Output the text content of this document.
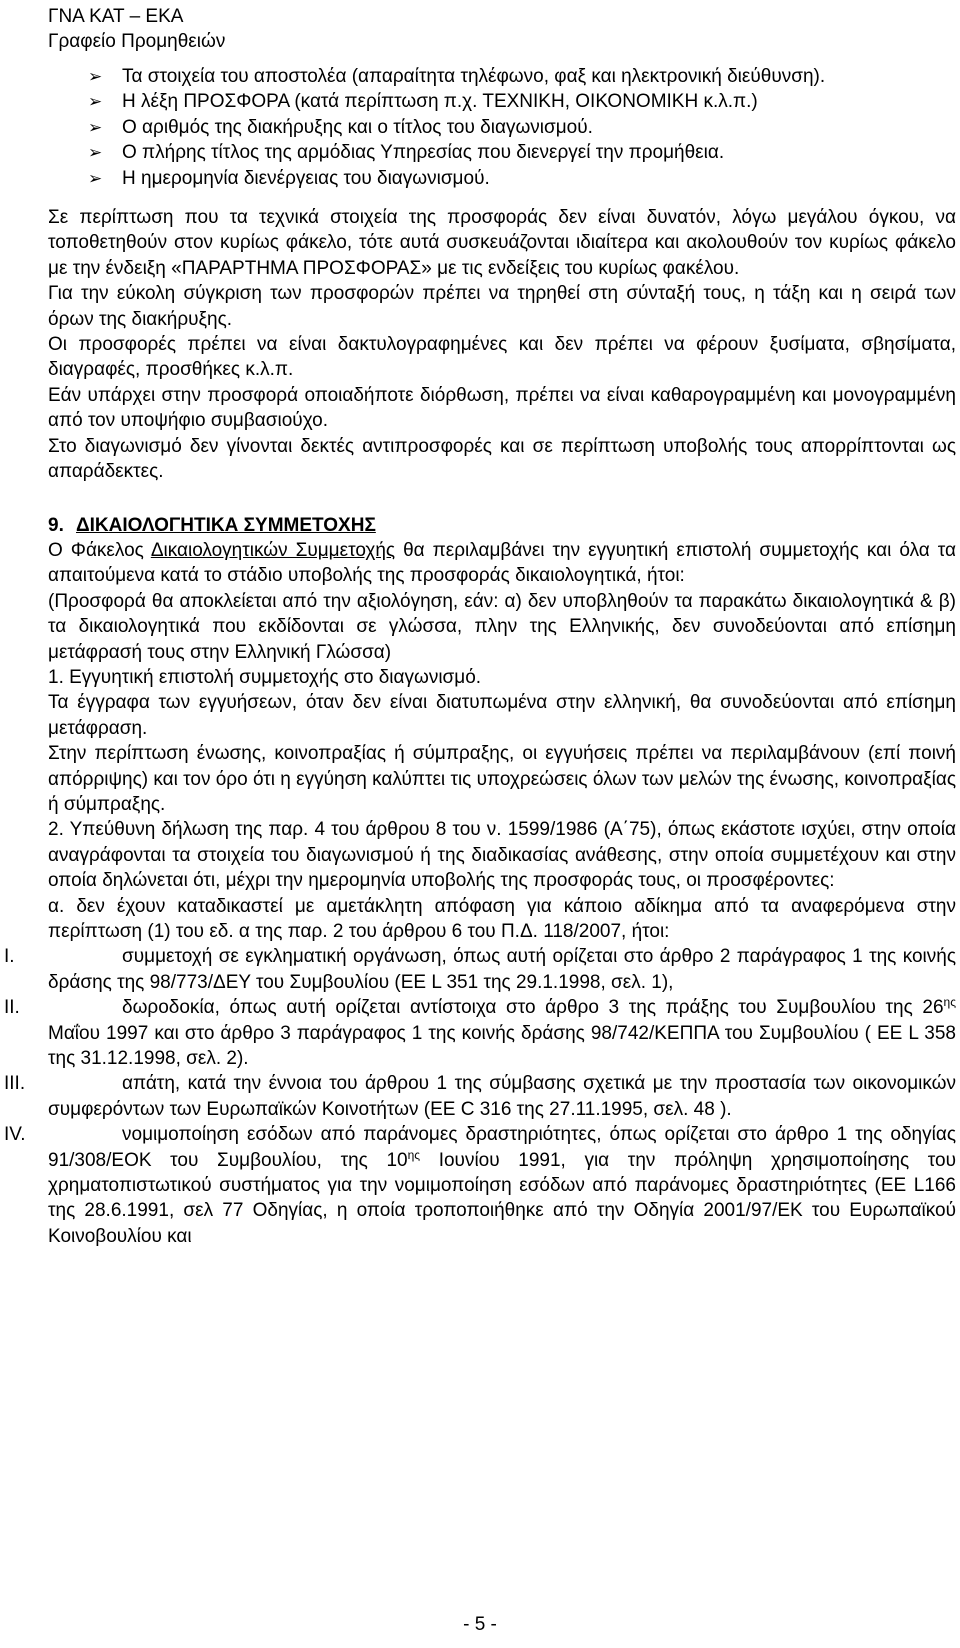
ΓΝΑ ΚΑΤ – ΕΚΑ
Γραφείο Προμηθειών
➢ Τα στοιχεία του αποστολέα (απαραίτητα τηλέφωνο, φαξ και ηλεκτρονική διεύθυνση).
➢ Η λέξη ΠΡΟΣΦΟΡΑ (κατά περίπτωση π.χ. ΤΕΧΝΙΚΗ, ΟΙΚΟΝΟΜΙΚΗ κ.λ.π.)
➢ Ο αριθμός της διακήρυξης και ο τίτλος του διαγωνισμού.
➢ Ο πλήρης τίτλος της αρμόδιας Υπηρεσίας που διενεργεί την προμήθεια.
➢ Η ημερομηνία διενέργειας του διαγωνισμού.

Σε περίπτωση που τα τεχνικά στοιχεία της προσφοράς δεν είναι δυνατόν, λόγω μεγάλου όγκου, να τοποθετηθούν στον κυρίως φάκελο, τότε αυτά συσκευάζονται ιδιαίτερα και ακολουθούν τον κυρίως φάκελο με την ένδειξη «ΠΑΡΑΡΤΗΜΑ ΠΡΟΣΦΟΡΑΣ» με τις ενδείξεις του κυρίως φακέλου.

Για την εύκολη σύγκριση των προσφορών πρέπει να τηρηθεί στη σύνταξή τους, η τάξη και η σειρά των όρων της διακήρυξης.

Οι προσφορές πρέπει να είναι δακτυλογραφημένες και δεν πρέπει να φέρουν ξυσίματα, σβησίματα, διαγραφές, προσθήκες κ.λ.π.

Εάν υπάρχει στην προσφορά οποιαδήποτε διόρθωση, πρέπει να είναι καθαρογραμμένη και μονογραμμένη από τον υποψήφιο συμβασιούχο.

Στο διαγωνισμό δεν γίνονται δεκτές αντιπροσφορές και σε περίπτωση υποβολής τους απορρίπτονται ως απαράδεκτες.

9. ΔΙΚΑΙΟΛΟΓΗΤΙΚΑ ΣΥΜΜΕΤΟΧΗΣ

Ο Φάκελος Δικαιολογητικών Συμμετοχής θα περιλαμβάνει την εγγυητική επιστολή συμμετοχής και όλα τα απαιτούμενα κατά το στάδιο υποβολής της προσφοράς δικαιολογητικά, ήτοι:

(Προσφορά θα αποκλείεται από την αξιολόγηση, εάν: α) δεν υποβληθούν τα παρακάτω δικαιολογητικά & β) τα δικαιολογητικά που εκδίδονται σε γλώσσα, πλην της Ελληνικής, δεν συνοδεύονται από επίσημη μετάφρασή τους στην Ελληνική Γλώσσα)

1. Εγγυητική επιστολή συμμετοχής στο διαγωνισμό.

Τα έγγραφα των εγγυήσεων, όταν δεν είναι διατυπωμένα στην ελληνική, θα συνοδεύονται από επίσημη μετάφραση.

Στην περίπτωση ένωσης, κοινοπραξίας ή σύμπραξης, οι εγγυήσεις πρέπει να περιλαμβάνουν (επί ποινή απόρριψης) και τον όρο ότι η εγγύηση καλύπτει τις υποχρεώσεις όλων των μελών της ένωσης, κοινοπραξίας ή σύμπραξης.

2. Υπεύθυνη δήλωση της παρ. 4 του άρθρου 8 του ν. 1599/1986 (Α΄75), όπως εκάστοτε ισχύει, στην οποία αναγράφονται τα στοιχεία του διαγωνισμού ή της διαδικασίας ανάθεσης, στην οποία συμμετέχουν και στην οποία δηλώνεται ότι, μέχρι την ημερομηνία υποβολής της προσφοράς τους, οι προσφέροντες:

α. δεν έχουν καταδικαστεί με αμετάκλητη απόφαση για κάποιο αδίκημα από τα αναφερόμενα στην περίπτωση (1) του εδ. α της παρ. 2 του άρθρου 6 του Π.Δ. 118/2007, ήτοι:

I.	συμμετοχή σε εγκληματική οργάνωση, όπως αυτή ορίζεται στο άρθρο 2 παράγραφος 1 της κοινής δράσης της 98/773/ΔΕΥ του Συμβουλίου (ΕΕ L 351 της 29.1.1998, σελ. 1),

II.	δωροδοκία, όπως αυτή ορίζεται αντίστοιχα στο άρθρο 3 της πράξης του Συμβουλίου της $26^{\eta\varsigma}$ Μαΐου 1997 και στο άρθρο 3 παράγραφος 1 της κοινής δράσης 98/742/ΚΕΠΠΑ του Συμβουλίου ( ΕΕ L 358 της 31.12.1998, σελ. 2).

III.	απάτη, κατά την έννοια του άρθρου 1 της σύμβασης σχετικά με την προστασία των οικονομικών συμφερόντων των Ευρωπαϊκών Κοινοτήτων (ΕΕ C 316 της 27.11.1995, σελ. 48 ).

IV.	νομιμοποίηση εσόδων από παράνομες δραστηριότητες, όπως ορίζεται στο άρθρο 1 της οδηγίας 91/308/ΕΟΚ του Συμβουλίου, της $10^{\eta\varsigma}$ Ιουνίου 1991, για την πρόληψη χρησιμοποίησης του χρηματοπιστωτικού συστήματος για την νομιμοποίηση εσόδων από παράνομες δραστηριότητες (ΕΕ L166 της 28.6.1991, σελ 77 Οδηγίας, η οποία τροποποιήθηκε από την Οδηγία 2001/97/ΕΚ του Ευρωπαϊκού Κοινοβουλίου και

- 5 -
